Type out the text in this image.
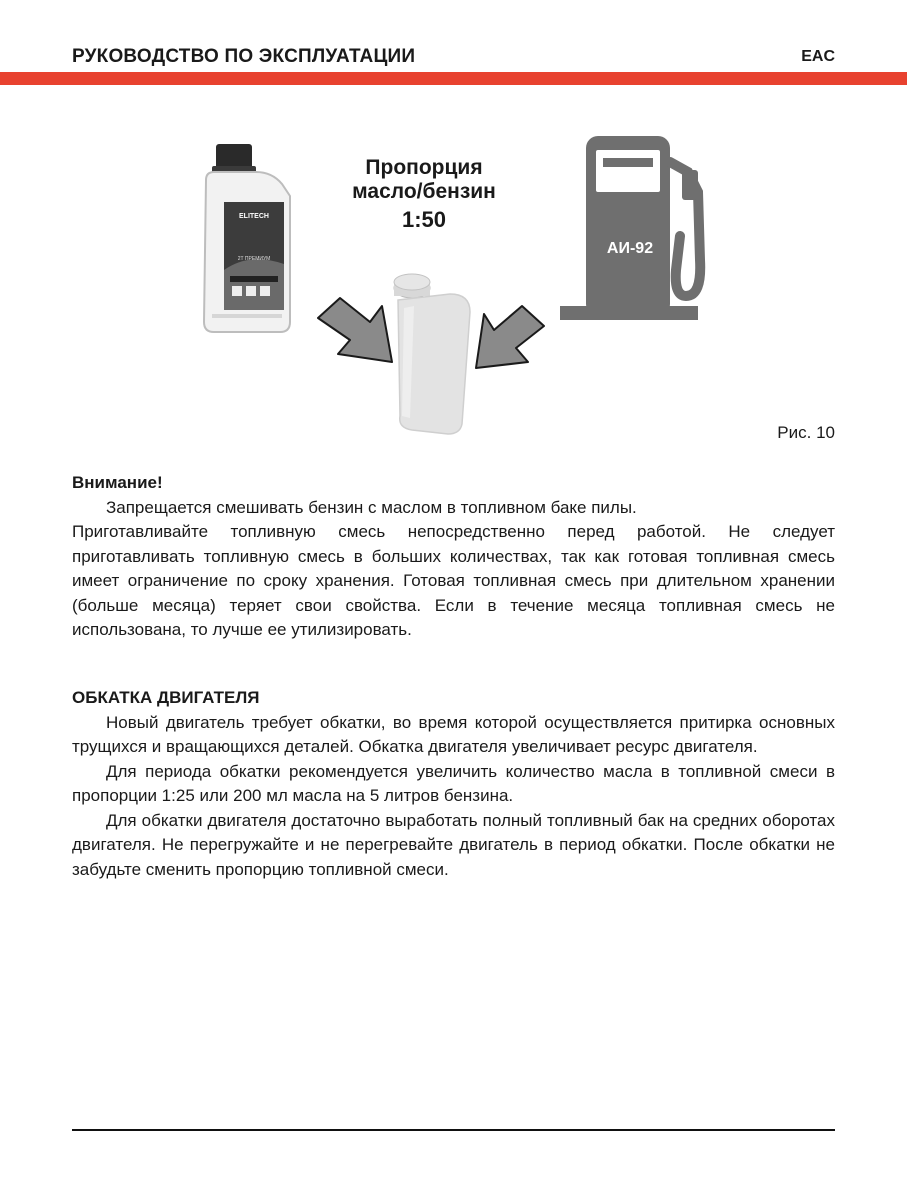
РУКОВОДСТВО ПО ЭКСПЛУАТАЦИИ	EAC
ELITECH
2Т ПРЕМИУМ
Пропорция
масло/бензин
1:50
АИ-92
Рис. 10
Внимание!

Запрещается смешивать бензин с маслом в топливном баке пилы.

Приготавливайте топливную смесь непосредственно перед работой. Не следует приготавливать топливную смесь в больших количествах, так как готовая топливная смесь имеет ограничение по сроку хранения. Готовая топливная смесь при длительном хранении (больше месяца) теряет свои свойства. Если в течение месяца топливная смесь не использована, то лучше ее утилизировать.

ОБКАТКА ДВИГАТЕЛЯ

Новый двигатель требует обкатки, во время которой осуществляется притирка основных трущихся и вращающихся деталей. Обкатка двигателя увеличивает ресурс двигателя.

Для периода обкатки рекомендуется увеличить количество масла в топливной смеси в пропорции 1:25 или 200 мл масла на 5 литров бензина.

Для обкатки двигателя достаточно выработать полный топливный бак на средних оборотах двигателя. Не перегружайте и не перегревайте двигатель в период обкатки. После обкатки не забудьте сменить пропорцию топливной смеси.
